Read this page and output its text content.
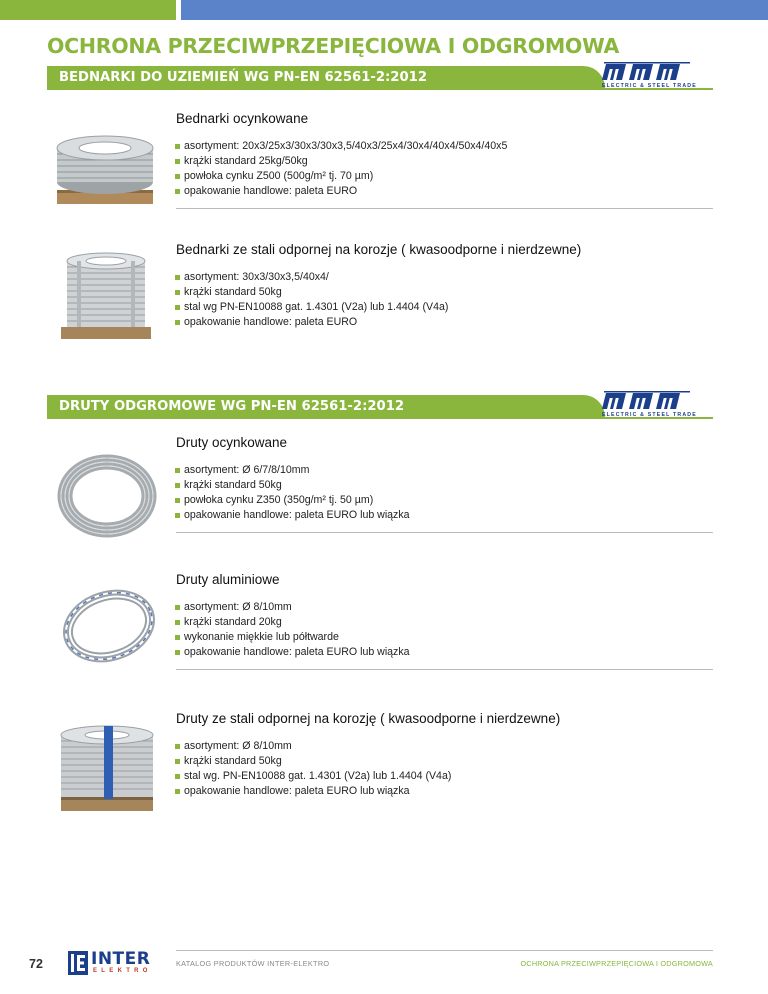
OCHRONA PRZECIWPRZEPIĘCIOWA I ODGROMOWA
BEDNARKI DO UZIEMIEŃ WG PN-EN 62561-2:2012
ELECTRIC & STEEL TRADE
Bednarki ocynkowane
asortyment: 20x3/25x3/30x3/30x3,5/40x3/25x4/30x4/40x4/50x4/40x5
krążki standard 25kg/50kg
powłoka cynku Z500 (500g/m² tj. 70 µm)
opakowanie handlowe: paleta EURO
Bednarki ze stali odpornej na korozje ( kwasoodporne i nierdzewne)
asortyment: 30x3/30x3,5/40x4/
krążki standard 50kg
stal wg PN-EN10088 gat. 1.4301 (V2a) lub 1.4404 (V4a)
opakowanie handlowe: paleta EURO
DRUTY ODGROMOWE WG PN-EN 62561-2:2012
ELECTRIC & STEEL TRADE
Druty ocynkowane
asortyment: Ø 6/7/8/10mm
krążki standard 50kg
powłoka cynku Z350 (350g/m² tj. 50 µm)
opakowanie handlowe: paleta EURO lub wiązka
Druty aluminiowe
asortyment: Ø 8/10mm
krążki standard 20kg
wykonanie miękkie lub półtwarde
opakowanie handlowe: paleta EURO lub wiązka
Druty ze stali odpornej na korozję ( kwasoodporne i nierdzewne)
asortyment: Ø 8/10mm
krążki standard 50kg
stal wg. PN-EN10088 gat. 1.4301 (V2a) lub 1.4404 (V4a)
opakowanie handlowe: paleta EURO lub wiązka
72	INTER
ELEKTRO
KATALOG PRODUKTÓW INTER-ELEKTRO	OCHRONA PRZECIWPRZEPIĘCIOWA I ODGROMOWA
